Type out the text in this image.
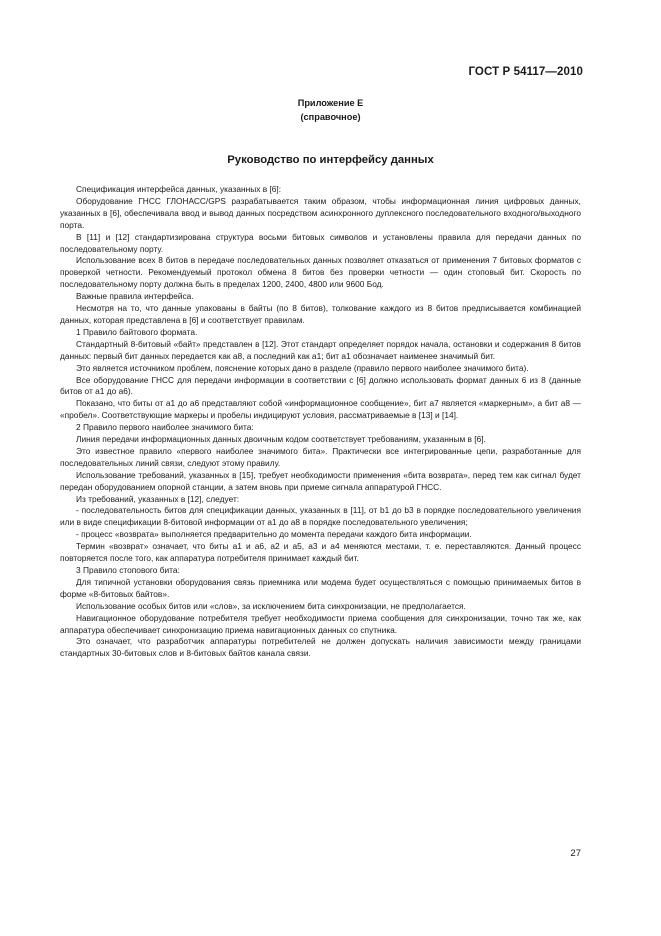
ГОСТ Р 54117—2010
Приложение Е
(справочное)
Руководство по интерфейсу данных

Спецификация интерфейса данных, указанных в [6]:

Оборудование ГНСС ГЛОНАСС/GPS разрабатывается таким образом, чтобы информационная линия цифровых данных, указанных в [6], обеспечивала ввод и вывод данных посредством асинхронного дуплексного последовательного входного/выходного порта.

В [11] и [12] стандартизирована структура восьми битовых символов и установлены правила для передачи данных по последовательному порту.

Использование всех 8 битов в передаче последовательных данных позволяет отказаться от применения 7 битовых форматов с проверкой четности. Рекомендуемый протокол обмена 8 битов без проверки четности — один стоповый бит. Скорость по последовательному порту должна быть в пределах 1200, 2400, 4800 или 9600 Бод.

Важные правила интерфейса.

Несмотря на то, что данные упакованы в байты (по 8 битов), толкование каждого из 8 битов предписывается комбинацией данных, которая представлена в [6] и соответствует правилам.

1 Правило байтового формата.

Стандартный 8-битовый «байт» представлен в [12]. Этот стандарт определяет порядок начала, остановки и содержания 8 битов данных: первый бит данных передается как a8, а последний как a1; бит a1 обозначает наименее значимый бит.

Это является источником проблем, пояснение которых дано в разделе (правило первого наиболее значимого бита).

Все оборудование ГНСС для передачи информации в соответствии с [6] должно использовать формат данных 6 из 8 (данные битов от a1 до a6).

Показано, что биты от a1 до a6 представляют собой «информационное сообщение», бит a7 является «маркерным», а бит a8 — «пробел». Соответствующие маркеры и пробелы индицируют условия, рассматриваемые в [13] и [14].

2 Правило первого наиболее значимого бита:

Линия передачи информационных данных двоичным кодом соответствует требованиям, указанным в [6].

Это известное правило «первого наиболее значимого бита». Практически все интегрированные цепи, разработанные для последовательных линий связи, следуют этому правилу.

Использование требований, указанных в [15], требует необходимости применения «бита возврата», перед тем как сигнал будет передан оборудованием опорной станции, а затем вновь при приеме сигнала аппаратурой ГНСС.

Из требований, указанных в [12], следует:

- последовательность битов для спецификации данных, указанных в [11], от b1 до b3 в порядке последовательного увеличения или в виде спецификации 8-битовой информации от a1 до a8 в порядке последовательного увеличения;

- процесс «возврата» выполняется предварительно до момента передачи каждого бита информации.

Термин «возврат» означает, что биты a1 и a6, a2 и a5, a3 и a4 меняются местами, т. е. переставляются. Данный процесс повторяется после того, как аппаратура потребителя принимает каждый бит.

3 Правило стопового бита:

Для типичной установки оборудования связь приемника или модема будет осуществляться с помощью принимаемых битов в форме «8-битовых байтов».

Использование особых битов или «слов», за исключением бита синхронизации, не предполагается.

Навигационное оборудование потребителя требует необходимости приема сообщения для синхронизации, точно так же, как аппаратура обеспечивает синхронизацию приема навигационных данных со спутника.

Это означает, что разработчик аппаратуры потребителей не должен допускать наличия зависимости между границами стандартных 30-битовых слов и 8-битовых байтов канала связи.

27
